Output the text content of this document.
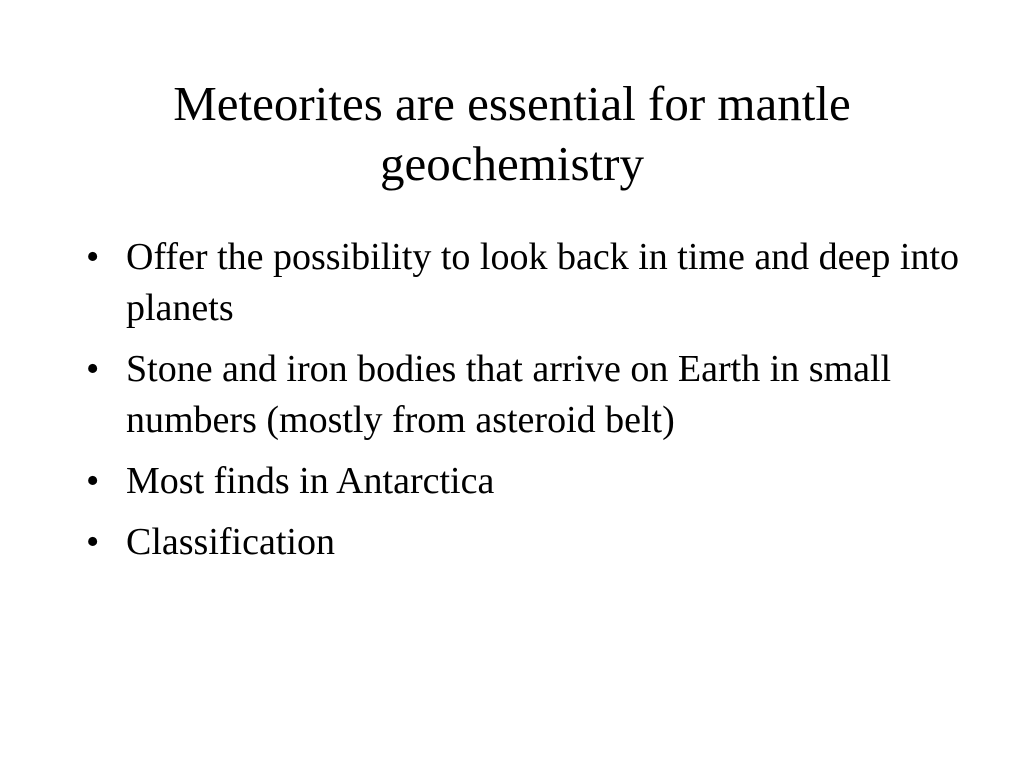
Meteorites are essential for mantle geochemistry
• Offer the possibility to look back in time and deep into planets
• Stone and iron bodies that arrive on Earth in small numbers (mostly from asteroid belt)
• Most finds in Antarctica
• Classification
